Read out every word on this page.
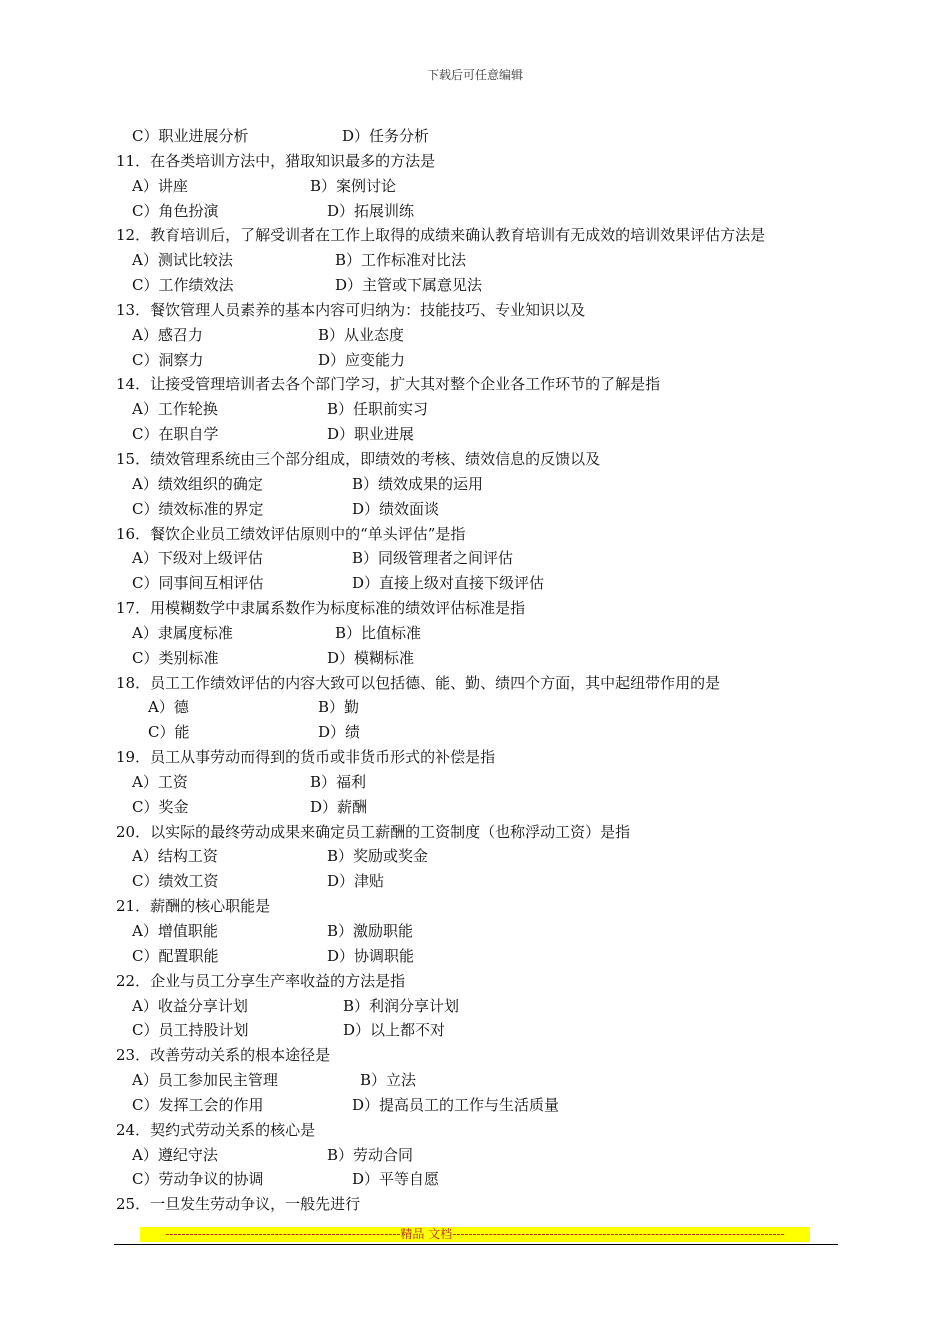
下载后可任意编辑
C）职业进展分析	D）任务分析
11．在各类培训方法中，猎取知识最多的方法是
A）讲座	B）案例讨论
C）角色扮演	D）拓展训练
12．教育培训后，了解受训者在工作上取得的成绩来确认教育培训有无成效的培训效果评估方法是
A）测试比较法	B）工作标准对比法
C）工作绩效法	D）主管或下属意见法
13．餐饮管理人员素养的基本内容可归纳为：技能技巧、专业知识以及
A）感召力	B）从业态度
C）洞察力	D）应变能力
14．让接受管理培训者去各个部门学习，扩大其对整个企业各工作环节的了解是指
A）工作轮换	B）任职前实习
C）在职自学	D）职业进展
15．绩效管理系统由三个部分组成，即绩效的考核、绩效信息的反馈以及
A）绩效组织的确定	B）绩效成果的运用
C）绩效标准的界定	D）绩效面谈
16．餐饮企业员工绩效评估原则中的“单头评估”是指
A）下级对上级评估	B）同级管理者之间评估
C）同事间互相评估	D）直接上级对直接下级评估
17．用模糊数学中隶属系数作为标度标准的绩效评估标准是指
A）隶属度标准	B）比值标准
C）类别标准	D）模糊标准
18．员工工作绩效评估的内容大致可以包括德、能、勤、绩四个方面，其中起纽带作用的是
A）德	B）勤
C）能	D）绩
19．员工从事劳动而得到的货币或非货币形式的补偿是指
A）工资	B）福利
C）奖金	D）薪酬
20．以实际的最终劳动成果来确定员工薪酬的工资制度（也称浮动工资）是指
A）结构工资	B）奖励或奖金
C）绩效工资	D）津贴
21．薪酬的核心职能是
A）增值职能	B）激励职能
C）配置职能	D）协调职能
22．企业与员工分享生产率收益的方法是指
A）收益分享计划	B）利润分享计划
C）员工持股计划	D）以上都不对
23．改善劳动关系的根本途径是
A）员工参加民主管理	B）立法
C）发挥工会的作用	D）提高员工的工作与生活质量
24．契约式劳动关系的核心是
A）遵纪守法	B）劳动合同
C）劳动争议的协调	D）平等自愿
25．一旦发生劳动争议，一般先进行
----------------------------------------------------------精品 文档----------------------------------------------------------------------------------
